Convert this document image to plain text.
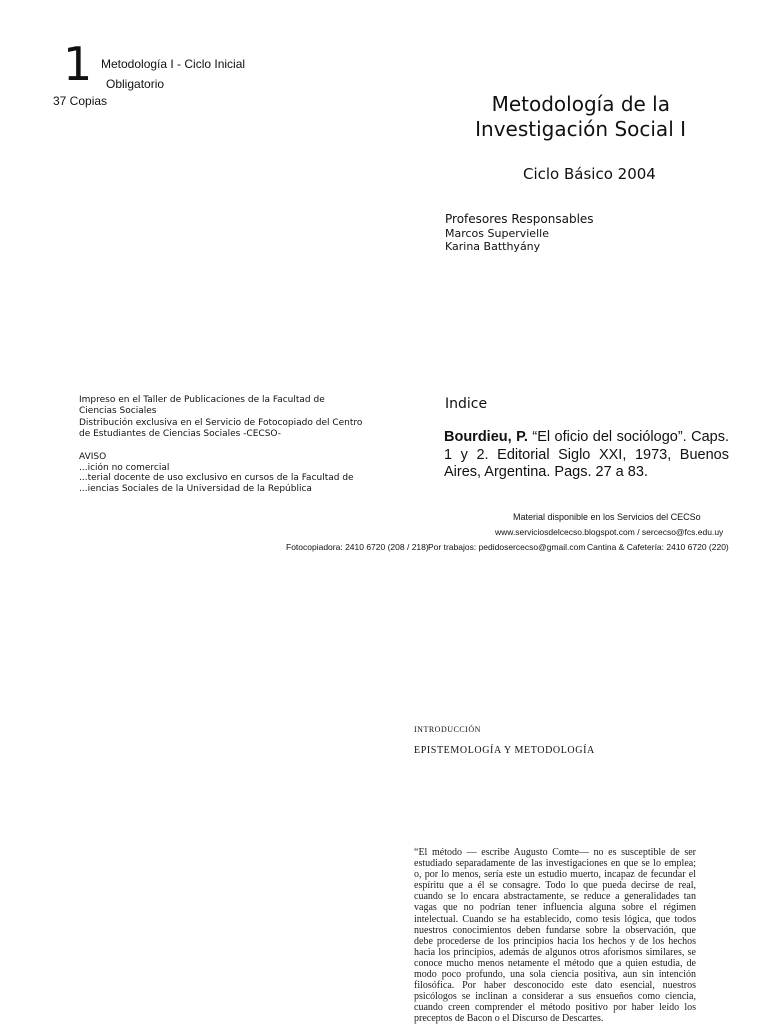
1 Metodología I - Ciclo Inicial
Obligatorio
37 Copias	Metodología de la
Investigación Social I
Ciclo Básico 2004
Profesores Responsables
Marcos Supervielle
Karina Batthyány
Impreso en el Taller de Publicaciones de la Facultad de Ciencias Sociales
Distribución exclusiva en el Servicio de Fotocopiado del Centro de Estudiantes de Ciencias Sociales -CECSO-
AVISO
...ición no comercial
...terial docente de uso exclusivo en cursos de la Facultad de ...iencias Sociales de la Universidad de la República
Indice
Bourdieu, P. “El oficio del sociólogo”. Caps. 1 y 2. Editorial Siglo XXI, 1973, Buenos Aires, Argentina. Pags. 27 a 83.
Material disponible en los Servicios del CECSo
www.serviciosdelcecso.blogspot.com / sercecso@fcs.edu.uy
Fotocopiadora: 2410 6720 (208 / 218) Por trabajos: pedidosercecso@gmail.com Cantina & Cafetería: 2410 6720 (220)
INTRODUCCIÓN
EPISTEMOLOGÍA Y METODOLOGÍA
“El método — escribe Augusto Comte— no es susceptible de ser estudiado separadamente de las investigaciones en que se lo emplea; o, por lo menos, sería este un estudio muerto, incapaz de fecundar el espíritu que a él se consagre. Todo lo que pueda decirse de real, cuando se lo encara abstractamente, se reduce a generalidades tan vagas que no podrían tener influencia alguna sobre el régimen intelectual. Cuando se ha establecido, como tesis lógica, que todos nuestros conocimientos deben fundarse sobre la observación, que debe procederse de los principios hacia los hechos y de los hechos hacia los principios, además de algunos otros aforismos similares, se conoce mucho menos netamente el método que a quien estudia, de modo poco profundo, una sola ciencia positiva, aun sin intención filosófica. Por haber desconocido este dato esencial, nuestros psicólogos se inclinan a considerar a sus ensueños como ciencia, cuando creen comprender el método positivo por haber leído los preceptos de Bacon o el Discurso de Descartes.
